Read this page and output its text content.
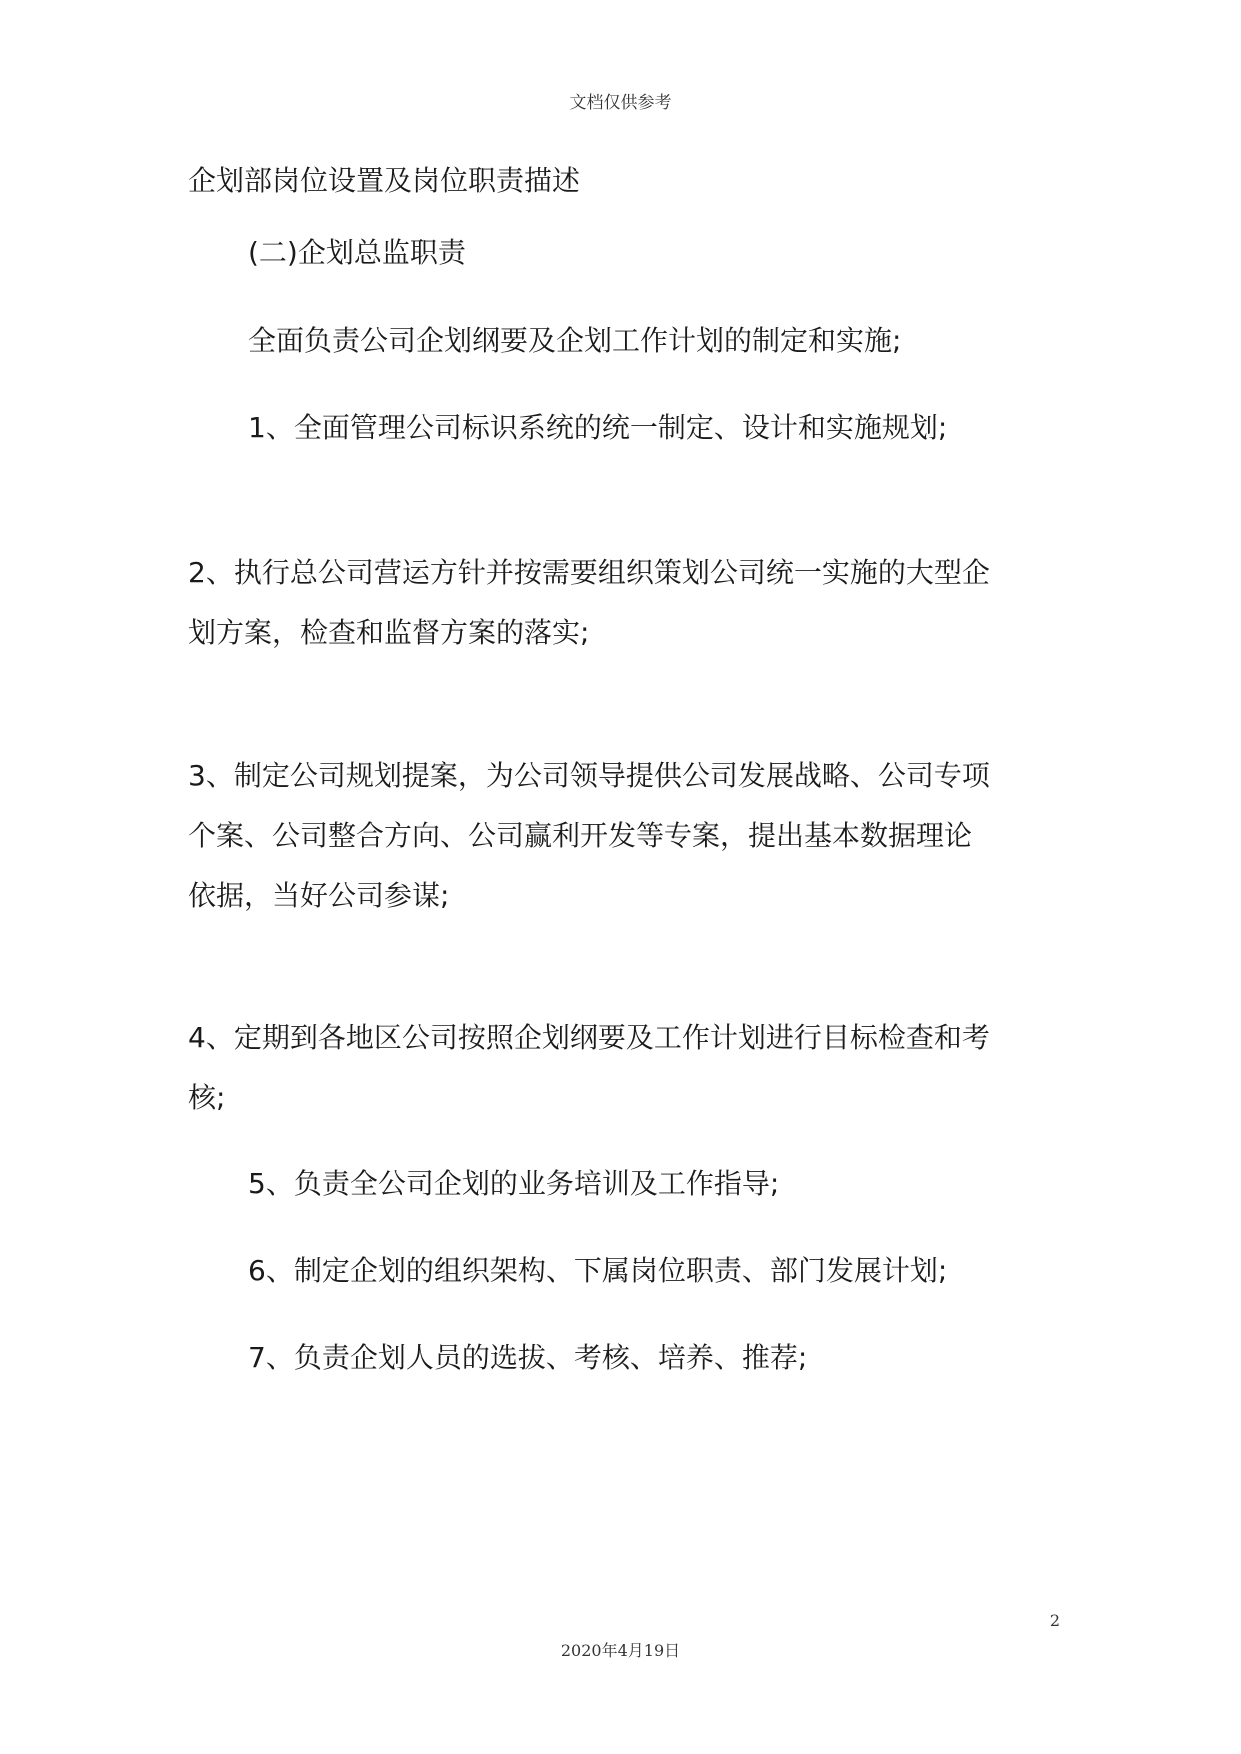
文档仅供参考
企划部岗位设置及岗位职责描述
(二)企划总监职责
全面负责公司企划纲要及企划工作计划的制定和实施;
1、全面管理公司标识系统的统一制定、设计和实施规划;
2、执行总公司营运方针并按需要组织策划公司统一实施的大型企
划方案，检查和监督方案的落实;
3、制定公司规划提案，为公司领导提供公司发展战略、公司专项
个案、公司整合方向、公司赢利开发等专案，提出基本数据理论
依据，当好公司参谋;
4、定期到各地区公司按照企划纲要及工作计划进行目标检查和考
核;
5、负责全公司企划的业务培训及工作指导;
6、制定企划的组织架构、下属岗位职责、部门发展计划;
7、负责企划人员的选拔、考核、培养、推荐;
2
2020年4月19日
